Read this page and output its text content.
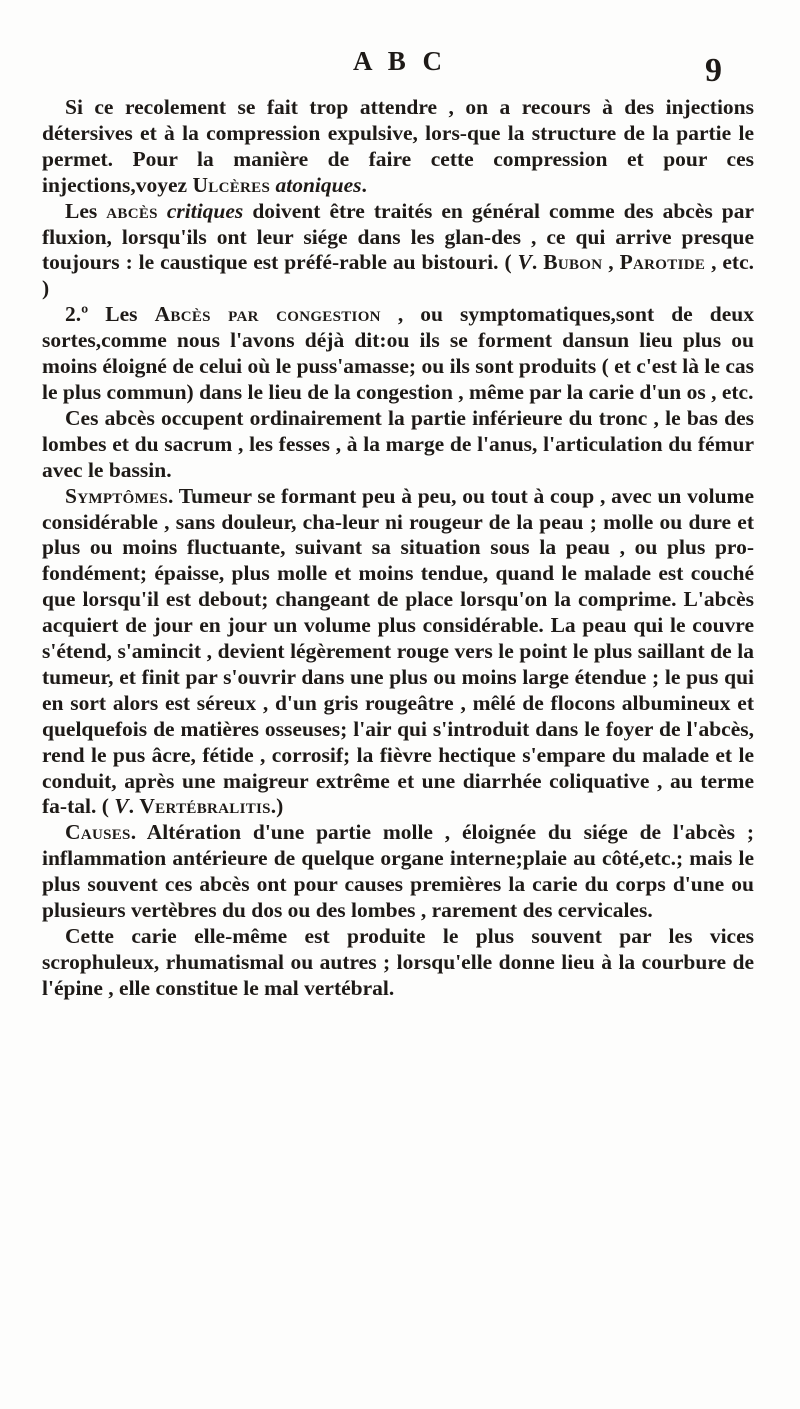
A B C	9

Si ce recolement se fait trop attendre , on a recours à des injections détersives et à la compression expulsive, lors-que la structure de la partie le permet. Pour la manière de faire cette compression et pour ces injections,voyez Ulcères atoniques.

Les abcès critiques doivent être traités en général comme des abcès par fluxion, lorsqu'ils ont leur siége dans les glan-des , ce qui arrive presque toujours : le caustique est préfé-rable au bistouri. ( V. Bubon , Parotide , etc. )

2.º Les Abcès par congestion , ou symptomatiques,sont de deux sortes,comme nous l'avons déjà dit:ou ils se forment dansun lieu plus ou moins éloigné de celui où le puss'amasse; ou ils sont produits ( et c'est là le cas le plus commun) dans le lieu de la congestion , même par la carie d'un os , etc.

Ces abcès occupent ordinairement la partie inférieure du tronc , le bas des lombes et du sacrum , les fesses , à la marge de l'anus, l'articulation du fémur avec le bassin.

Symptômes. Tumeur se formant peu à peu, ou tout à coup , avec un volume considérable , sans douleur, cha-leur ni rougeur de la peau ; molle ou dure et plus ou moins fluctuante, suivant sa situation sous la peau , ou plus pro-fondément; épaisse, plus molle et moins tendue, quand le malade est couché que lorsqu'il est debout; changeant de place lorsqu'on la comprime. L'abcès acquiert de jour en jour un volume plus considérable. La peau qui le couvre s'étend, s'amincit , devient légèrement rouge vers le point le plus saillant de la tumeur, et finit par s'ouvrir dans une plus ou moins large étendue ; le pus qui en sort alors est séreux , d'un gris rougeâtre , mêlé de flocons albumineux et quelquefois de matières osseuses; l'air qui s'introduit dans le foyer de l'abcès, rend le pus âcre, fétide , corrosif; la fièvre hectique s'empare du malade et le conduit, après une maigreur extrême et une diarrhée coliquative , au terme fa-tal. ( V. Vertébralitis.)

Causes. Altération d'une partie molle , éloignée du siége de l'abcès ; inflammation antérieure de quelque organe interne;plaie au côté,etc.; mais le plus souvent ces abcès ont pour causes premières la carie du corps d'une ou plusieurs vertèbres du dos ou des lombes , rarement des cervicales.

Cette carie elle-même est produite le plus souvent par les vices scrophuleux, rhumatismal ou autres ; lorsqu'elle donne lieu à la courbure de l'épine , elle constitue le mal vertébral.
